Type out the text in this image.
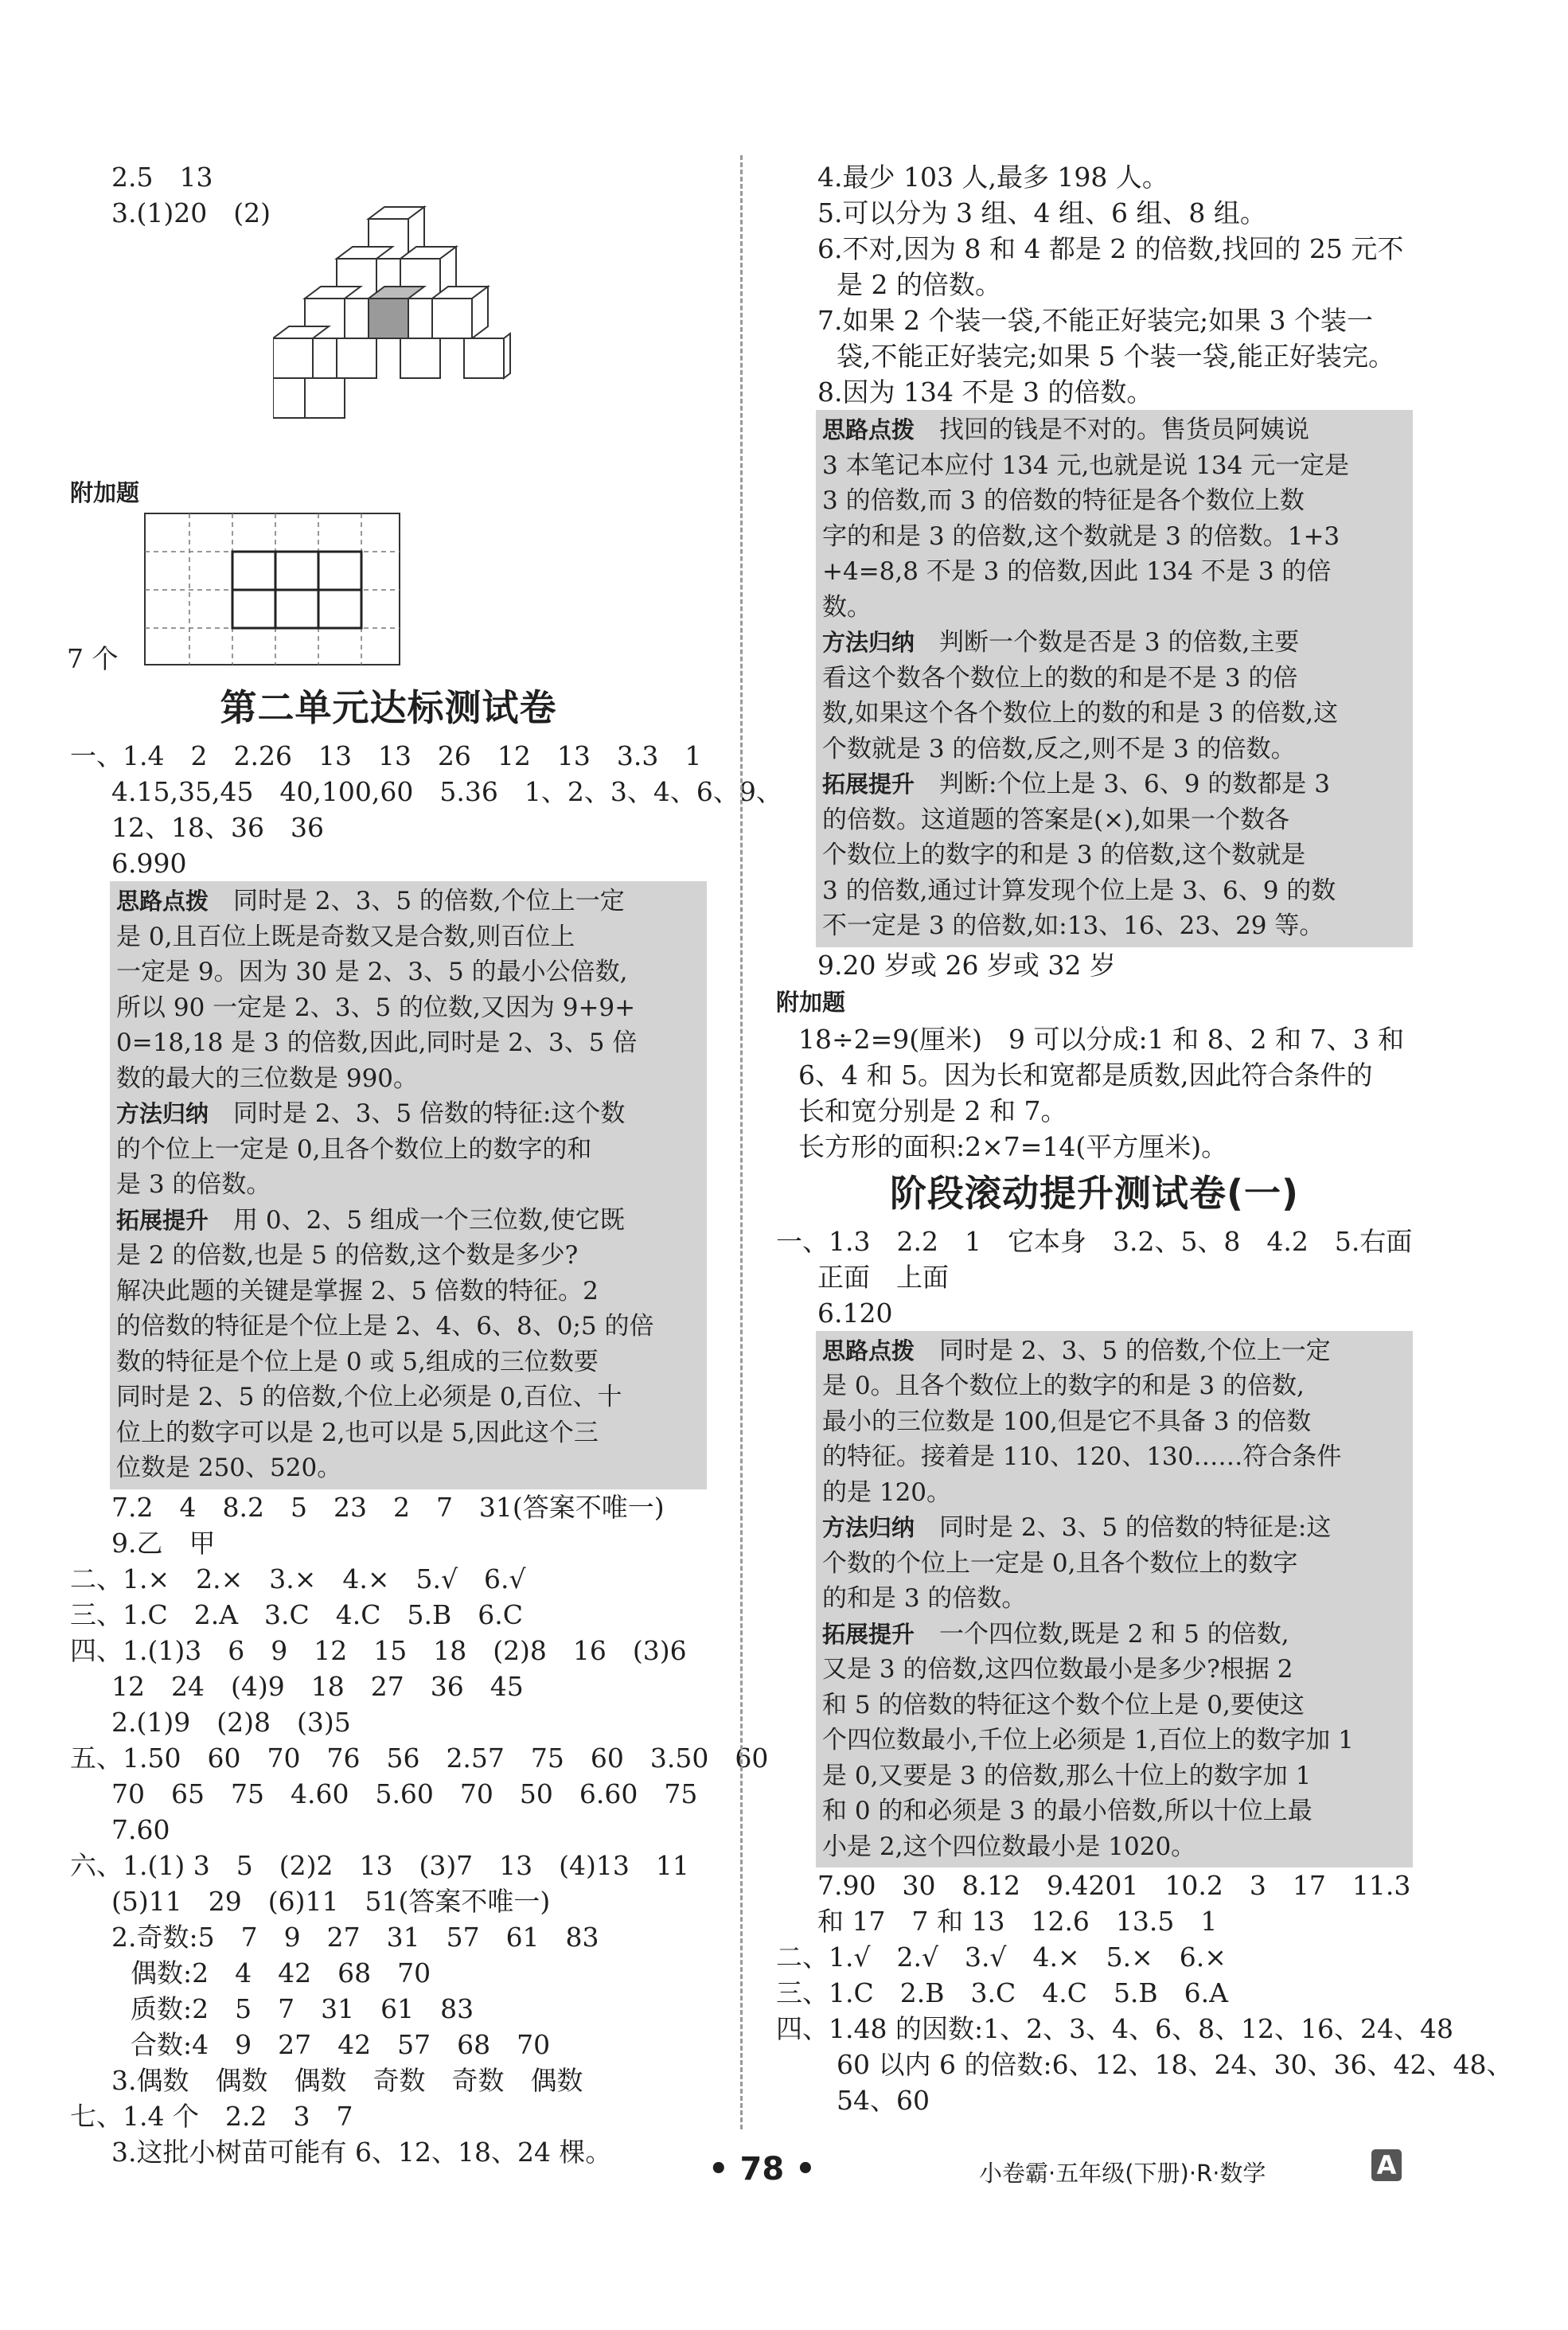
2.5　13

3.(1)20　(2)

附加题

7 个

第二单元达标测试卷

一、1.4　2　2.26　13　13　26　12　13　3.3　1

4.15,35,45　40,100,60　5.36　1、2、3、4、6、9、

12、18、36　36

6.990

思路点拨　 同时是 2、3、5 的倍数,个位上一定

是 0,且百位上既是奇数又是合数,则百位上

一定是 9。因为 30 是 2、3、5 的最小公倍数,

所以 90 一定是 2、3、5 的位数,又因为 9+9+

0=18,18 是 3 的倍数,因此,同时是 2、3、5 倍

数的最大的三位数是 990。

方法归纳　 同时是 2、3、5 倍数的特征:这个数

的个位上一定是 0,且各个数位上的数字的和

是 3 的倍数。

拓展提升　 用 0、2、5 组成一个三位数,使它既

是 2 的倍数,也是 5 的倍数,这个数是多少?

解决此题的关键是掌握 2、5 倍数的特征。2

的倍数的特征是个位上是 2、4、6、8、0;5 的倍

数的特征是个位上是 0 或 5,组成的三位数要

同时是 2、5 的倍数,个位上必须是 0,百位、十

位上的数字可以是 2,也可以是 5,因此这个三

位数是 250、520。

7.2　4　8.2　5　23　2　7　31(答案不唯一)

9.乙　甲

二、1.×　2.×　3.×　4.×　5.√　6.√

三、1.C　2.A　3.C　4.C　5.B　6.C

四、1.(1)3　6　9　12　15　18　(2)8　16　(3)6

12　24　(4)9　18　27　36　45

2.(1)9　(2)8　(3)5

五、1.50　60　70　76　56　2.57　75　60　3.50　60

70　65　75　4.60　5.60　70　50　6.60　75

7.60

六、1.(1) 3　5　(2)2　13　(3)7　13　(4)13　11

(5)11　29　(6)11　51(答案不唯一)

2.奇数:5　7　9　27　31　57　61　83

偶数:2　4　42　68　70

质数:2　5　7　31　61　83

合数:4　9　27　42　57　68　70

3.偶数　偶数　偶数　奇数　奇数　偶数

七、1.4 个　2.2　3　7

3.这批小树苗可能有 6、12、18、24 棵。

4.最少 103 人,最多 198 人。

5.可以分为 3 组、4 组、6 组、8 组。

6.不对,因为 8 和 4 都是 2 的倍数,找回的 25 元不

是 2 的倍数。

7.如果 2 个装一袋,不能正好装完;如果 3 个装一

袋,不能正好装完;如果 5 个装一袋,能正好装完。

8.因为 134 不是 3 的倍数。

思路点拨　 找回的钱是不对的。售货员阿姨说

3 本笔记本应付 134 元,也就是说 134 元一定是

3 的倍数,而 3 的倍数的特征是各个数位上数

字的和是 3 的倍数,这个数就是 3 的倍数。1+3

+4=8,8 不是 3 的倍数,因此 134 不是 3 的倍

数。

方法归纳　 判断一个数是否是 3 的倍数,主要

看这个数各个数位上的数的和是不是 3 的倍

数,如果这个各个数位上的数的和是 3 的倍数,这

个数就是 3 的倍数,反之,则不是 3 的倍数。

拓展提升　 判断:个位上是 3、6、9 的数都是 3

的倍数。这道题的答案是(×),如果一个数各

个数位上的数字的和是 3 的倍数,这个数就是

3 的倍数,通过计算发现个位上是 3、6、9 的数

不一定是 3 的倍数,如:13、16、23、29 等。

9.20 岁或 26 岁或 32 岁

附加题

18÷2=9(厘米)　9 可以分成:1 和 8、2 和 7、3 和

6、4 和 5。因为长和宽都是质数,因此符合条件的

长和宽分别是 2 和 7。

长方形的面积:2×7=14(平方厘米)。

阶段滚动提升测试卷(一)

一、1.3　2.2　1　它本身　3.2、5、8　4.2　5.右面

正面　上面

6.120

思路点拨　 同时是 2、3、5 的倍数,个位上一定

是 0。且各个数位上的数字的和是 3 的倍数,

最小的三位数是 100,但是它不具备 3 的倍数

的特征。接着是 110、120、130……符合条件

的是 120。

方法归纳　 同时是 2、3、5 的倍数的特征是:这

个数的个位上一定是 0,且各个数位上的数字

的和是 3 的倍数。

拓展提升　 一个四位数,既是 2 和 5 的倍数,

又是 3 的倍数,这四位数最小是多少?根据 2

和 5 的倍数的特征这个数个位上是 0,要使这

个四位数最小,千位上必须是 1,百位上的数字加 1

是 0,又要是 3 的倍数,那么十位上的数字加 1

和 0 的和必须是 3 的最小倍数,所以十位上最

小是 2,这个四位数最小是 1020。

7.90　30　8.12　9.4201　10.2　3　17　11.3

和 17　7 和 13　12.6　13.5　1

二、1.√　2.√　3.√　4.×　5.×　6.×

三、1.C　2.B　3.C　4.C　5.B　6.A

四、1.48 的因数:1、2、3、4、6、8、12、16、24、48

60 以内 6 的倍数:6、12、18、24、30、36、42、48、

54、60

• 78 •	小卷霸·五年级(下册)·R·数学	A
